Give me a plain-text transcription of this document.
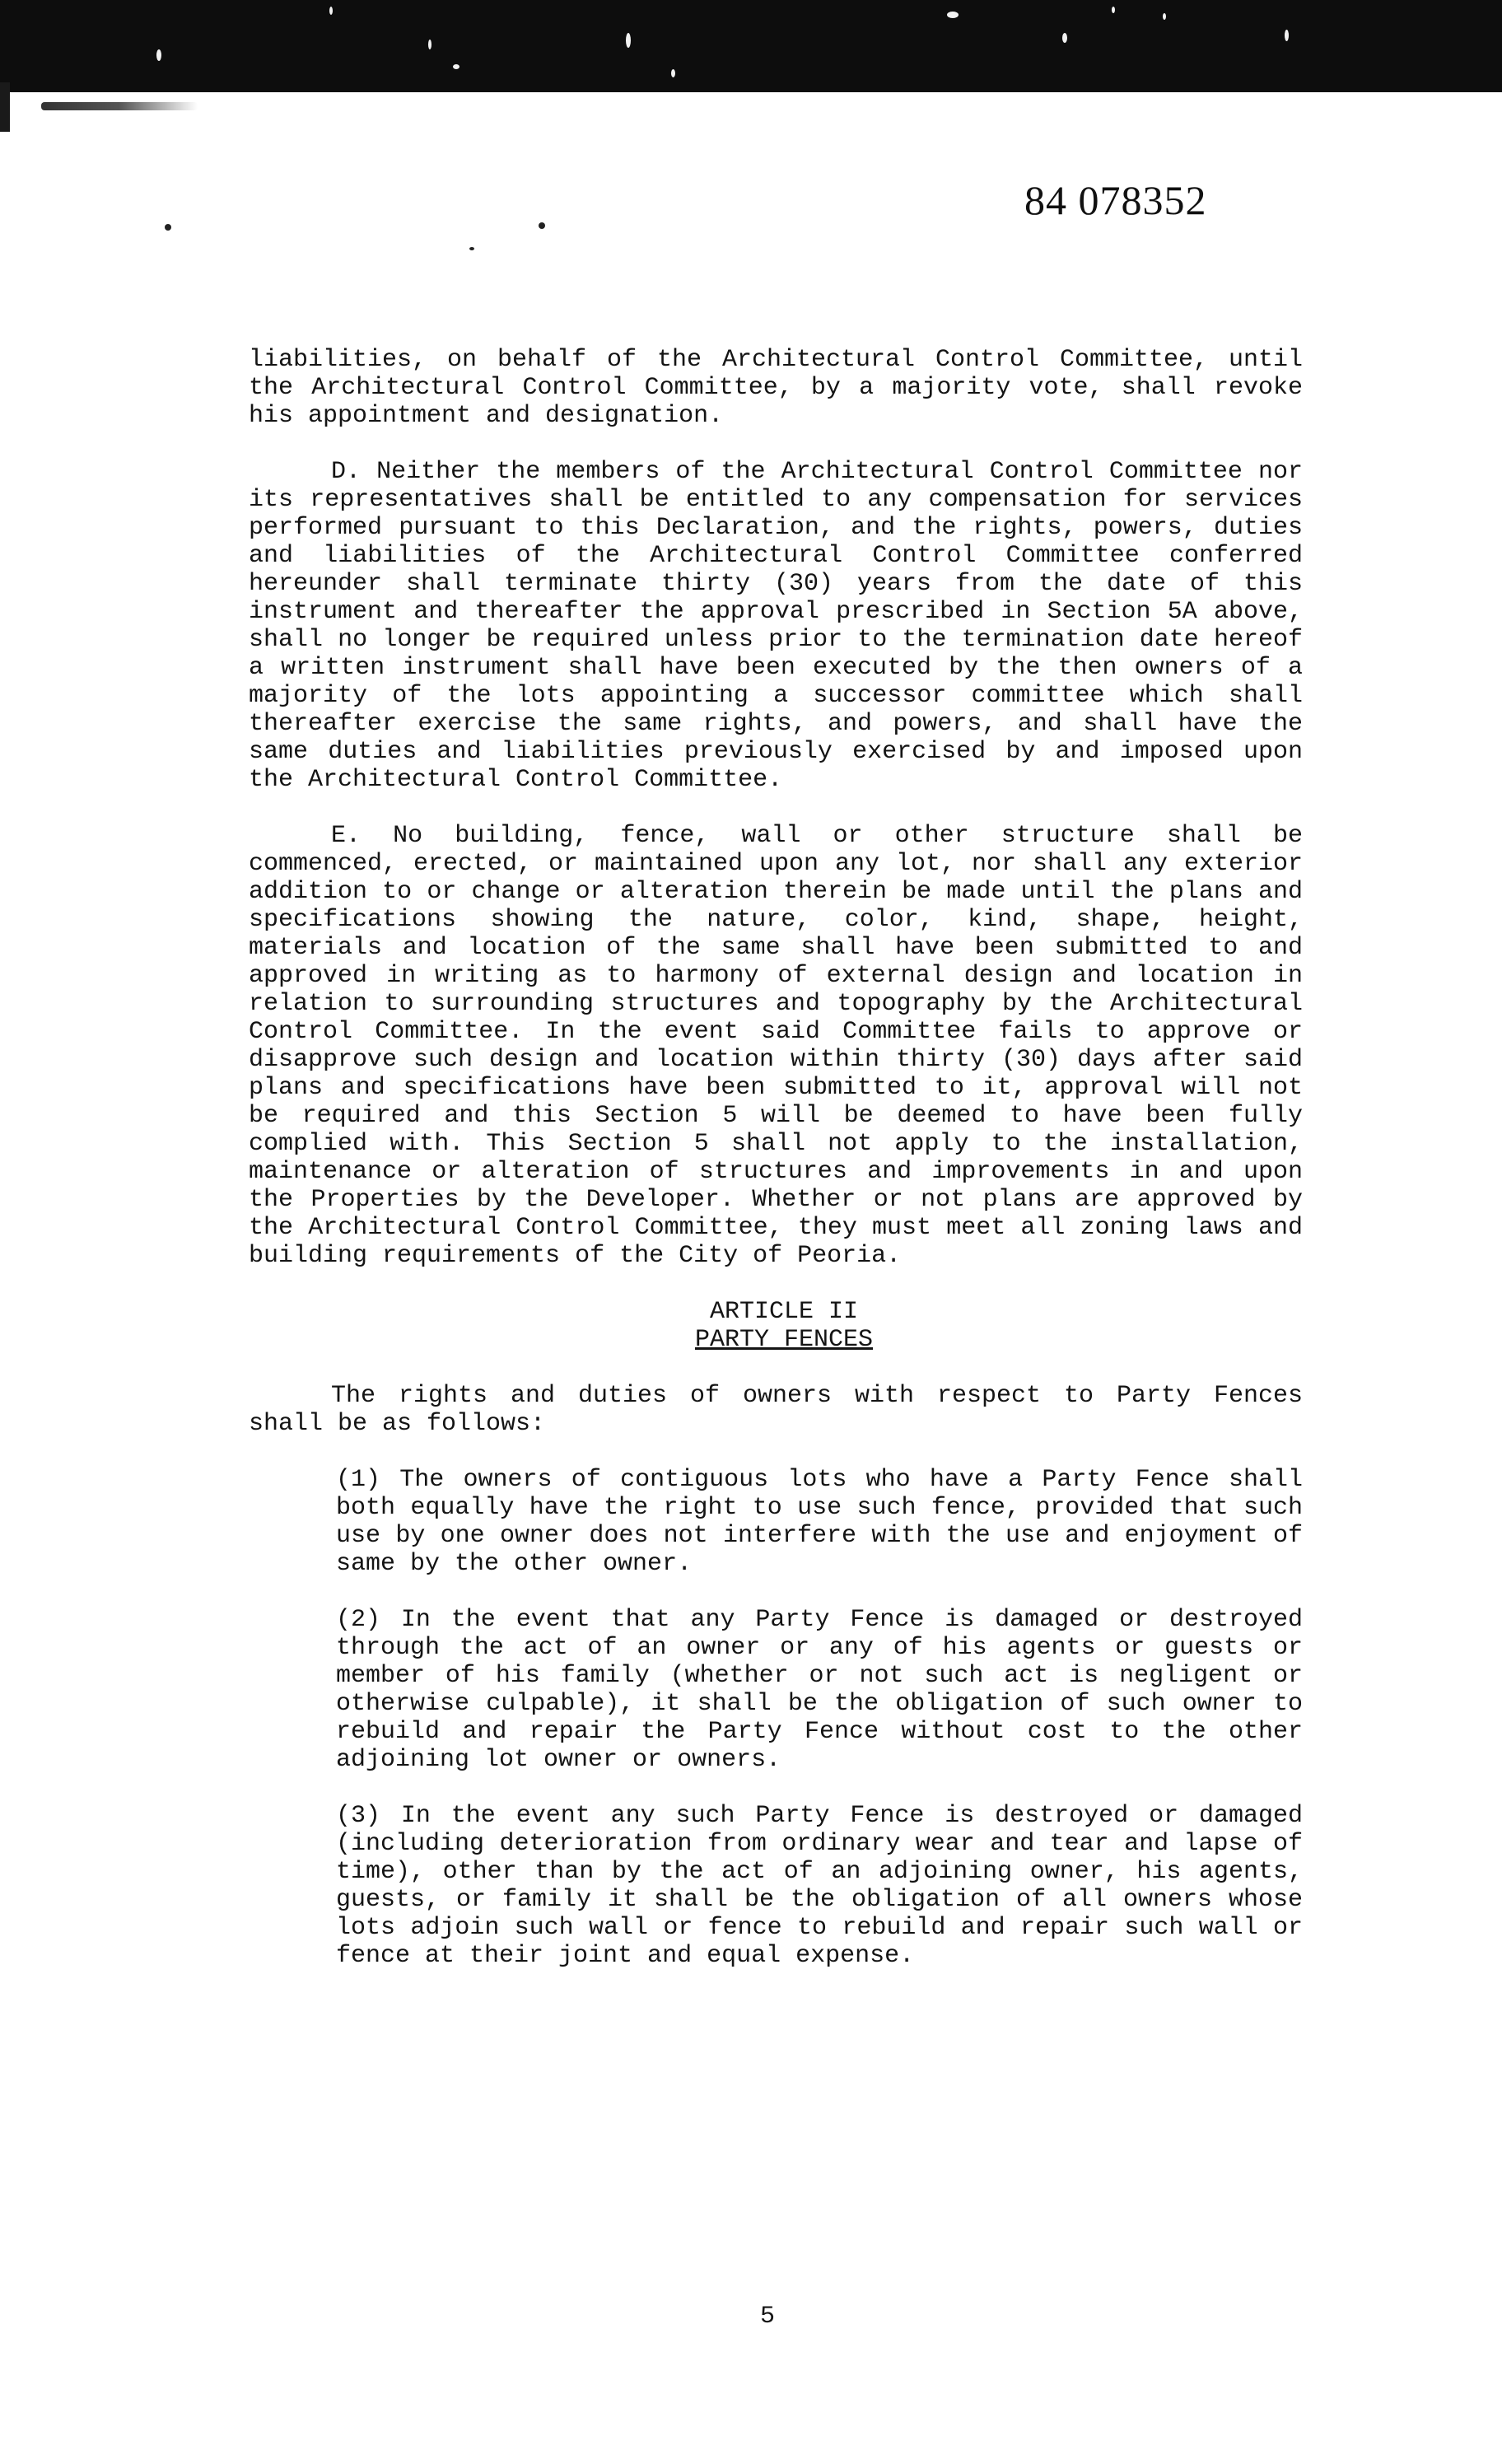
84 078352

liabilities, on behalf of the Architectural Control Committee, until the Architectural Control Committee, by a majority vote, shall revoke his appointment and designation.

D. Neither the members of the Architectural Control Committee nor its representatives shall be entitled to any compensation for services performed pursuant to this Declaration, and the rights, powers, duties and liabilities of the Architectural Control Committee conferred hereunder shall terminate thirty (30) years from the date of this instrument and thereafter the approval prescribed in Section 5A above, shall no longer be required unless prior to the termination date hereof a written instrument shall have been executed by the then owners of a majority of the lots appointing a successor committee which shall thereafter exercise the same rights, and powers, and shall have the same duties and liabilities previously exercised by and imposed upon the Architectural Control Committee.

E. No building, fence, wall or other structure shall be commenced, erected, or maintained upon any lot, nor shall any exterior addition to or change or alteration therein be made until the plans and specifications showing the nature, color, kind, shape, height, materials and location of the same shall have been submitted to and approved in writing as to harmony of external design and location in relation to surrounding structures and topography by the Architectural Control Committee. In the event said Committee fails to approve or disapprove such design and location within thirty (30) days after said plans and specifications have been submitted to it, approval will not be required and this Section 5 will be deemed to have been fully complied with. This Section 5 shall not apply to the installation, maintenance or alteration of structures and improvements in and upon the Properties by the Developer. Whether or not plans are approved by the Architectural Control Committee, they must meet all zoning laws and building requirements of the City of Peoria.

ARTICLE II

PARTY FENCES

The rights and duties of owners with respect to Party Fences shall be as follows:

(1) The owners of contiguous lots who have a Party Fence shall both equally have the right to use such fence, provided that such use by one owner does not interfere with the use and enjoyment of same by the other owner.

(2) In the event that any Party Fence is damaged or destroyed through the act of an owner or any of his agents or guests or member of his family (whether or not such act is negligent or otherwise culpable), it shall be the obligation of such owner to rebuild and repair the Party Fence without cost to the other adjoining lot owner or owners.

(3) In the event any such Party Fence is destroyed or damaged (including deterioration from ordinary wear and tear and lapse of time), other than by the act of an adjoining owner, his agents, guests, or family it shall be the obligation of all owners whose lots adjoin such wall or fence to rebuild and repair such wall or fence at their joint and equal expense.

5
